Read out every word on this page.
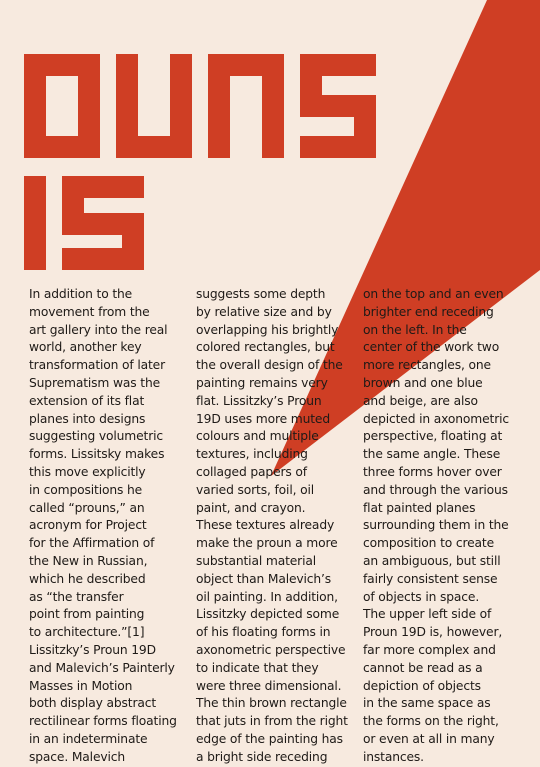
In addition to the
movement from the
art gallery into the real
world, another key
transformation of later
Suprematism was the
extension of its flat
planes into designs
suggesting volumetric
forms. Lissitsky makes
this move explicitly
in compositions he
called “prouns,” an
acronym for Project
for the Affirmation of
the New in Russian,
which he described
as “the transfer
point from painting
to architecture.”[1]
Lissitzky’s Proun 19D
and Malevich’s Painterly
Masses in Motion
both display abstract
rectilinear forms floating
in an indeterminate
space. Malevich

suggests some depth
by relative size and by
overlapping his brightly
colored rectangles, but
the overall design of the
painting remains very
flat. Lissitzky’s Proun
19D uses more muted
colours and multiple
textures, including
collaged papers of
varied sorts, foil, oil
paint, and crayon.
These textures already
make the proun a more
substantial material
object than Malevich’s
oil painting. In addition,
Lissitzky depicted some
of his floating forms in
axonometric perspective
to indicate that they
were three dimensional.
The thin brown rectangle
that juts in from the right
edge of the painting has
a bright side receding

on the top and an even
brighter end receding
on the left. In the
center of the work two
more rectangles, one
brown and one blue
and beige, are also
depicted in axonometric
perspective, floating at
the same angle. These
three forms hover over
and through the various
flat painted planes
surrounding them in the
composition to create
an ambiguous, but still
fairly consistent sense
of objects in space.
The upper left side of
Proun 19D is, however,
far more complex and
cannot be read as a
depiction of objects
in the same space as
the forms on the right,
or even at all in many
instances.
